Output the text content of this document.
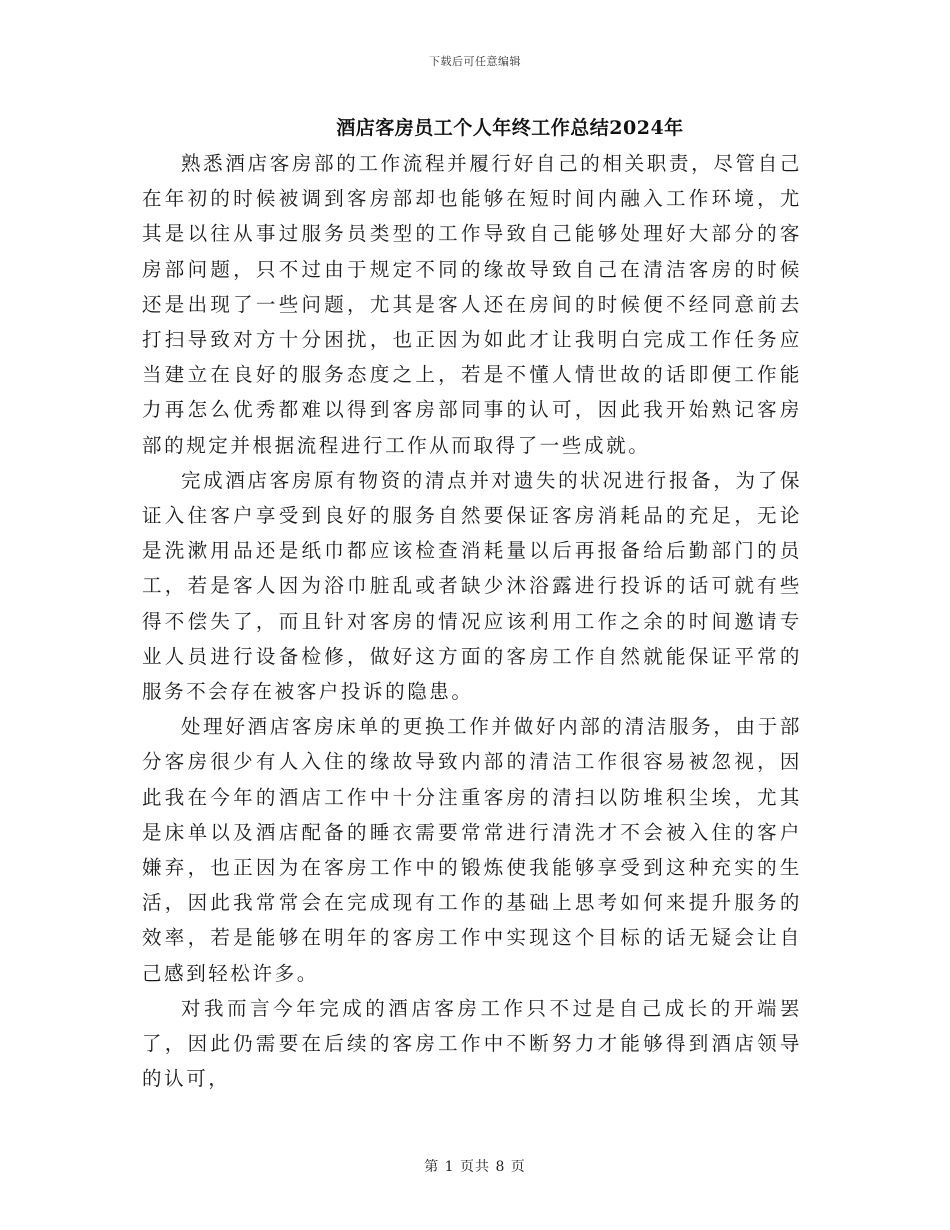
下载后可任意编辑
酒店客房员工个人年终工作总结2024年

熟悉酒店客房部的工作流程并履行好自己的相关职责，尽管自己在年初的时候被调到客房部却也能够在短时间内融入工作环境，尤其是以往从事过服务员类型的工作导致自己能够处理好大部分的客房部问题，只不过由于规定不同的缘故导致自己在清洁客房的时候还是出现了一些问题，尤其是客人还在房间的时候便不经同意前去打扫导致对方十分困扰，也正因为如此才让我明白完成工作任务应当建立在良好的服务态度之上，若是不懂人情世故的话即便工作能力再怎么优秀都难以得到客房部同事的认可，因此我开始熟记客房部的规定并根据流程进行工作从而取得了一些成就。

完成酒店客房原有物资的清点并对遗失的状况进行报备，为了保证入住客户享受到良好的服务自然要保证客房消耗品的充足，无论是洗漱用品还是纸巾都应该检查消耗量以后再报备给后勤部门的员工，若是客人因为浴巾脏乱或者缺少沐浴露进行投诉的话可就有些得不偿失了，而且针对客房的情况应该利用工作之余的时间邀请专业人员进行设备检修，做好这方面的客房工作自然就能保证平常的服务不会存在被客户投诉的隐患。

处理好酒店客房床单的更换工作并做好内部的清洁服务，由于部分客房很少有人入住的缘故导致内部的清洁工作很容易被忽视，因此我在今年的酒店工作中十分注重客房的清扫以防堆积尘埃，尤其是床单以及酒店配备的睡衣需要常常进行清洗才不会被入住的客户嫌弃，也正因为在客房工作中的锻炼使我能够享受到这种充实的生活，因此我常常会在完成现有工作的基础上思考如何来提升服务的效率，若是能够在明年的客房工作中实现这个目标的话无疑会让自己感到轻松许多。

对我而言今年完成的酒店客房工作只不过是自己成长的开端罢了，因此仍需要在后续的客房工作中不断努力才能够得到酒店领导的认可，

第 1 页共 8 页
